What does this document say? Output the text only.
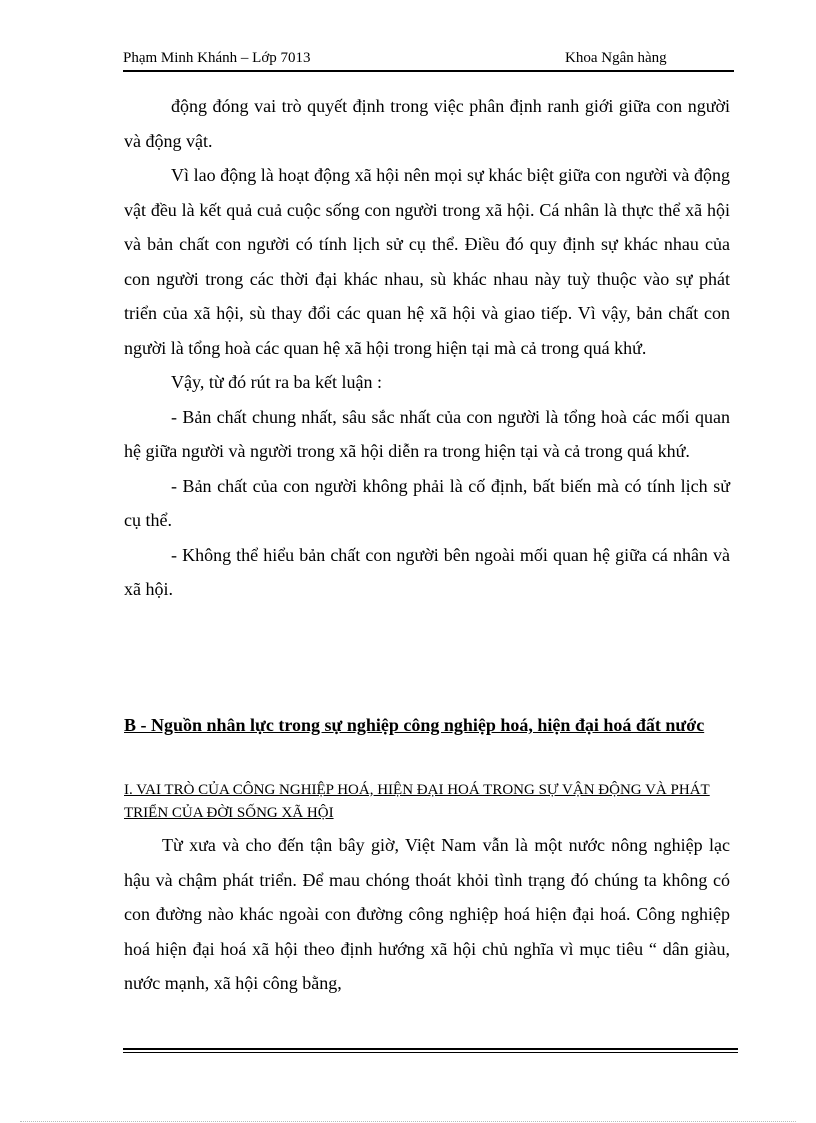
Phạm Minh Khánh – Lớp 7013	Khoa Ngân hàng

động đóng vai trò quyết định trong việc phân định ranh giới giữa con người và động vật.

Vì lao động là hoạt động xã hội nên mọi sự khác biệt giữa con người và động vật đều là kết quả cuả cuộc sống con người trong xã hội. Cá nhân là thực thể xã hội và bản chất con người có tính lịch sử cụ thể. Điều đó quy định sự khác nhau của con người trong các thời đại khác nhau, sù khác nhau này tuỳ thuộc vào sự phát triển của xã hội, sù thay đổi các quan hệ xã hội và giao tiếp. Vì vậy, bản chất con người là tổng hoà các quan hệ xã hội trong hiện tại mà cả trong quá khứ.

Vậy, từ đó rút ra ba kết luận :

- Bản chất chung nhất, sâu sắc nhất của con người là tổng hoà các mối quan hệ giữa người và người trong xã hội diễn ra trong hiện tại và cả trong quá khứ.

- Bản chất của con người không phải là cố định, bất biến mà có tính lịch sử cụ thể.

- Không thể hiểu bản chất con người bên ngoài mối quan hệ giữa cá nhân và xã hội.

B - Nguồn nhân lực trong sự nghiệp công nghiệp hoá, hiện đại hoá đất nước
I. VAI TRÒ CỦA CÔNG NGHIỆP HOÁ, HIỆN ĐẠI HOÁ TRONG SỰ VẬN ĐỘNG VÀ PHÁT TRIỂN CỦA ĐỜI SỐNG XÃ HỘI

Từ xưa và cho đến tận bây giờ, Việt Nam vẫn là một nước nông nghiệp lạc hậu và chậm phát triển. Để mau chóng thoát khỏi tình trạng đó chúng ta không có con đường nào khác ngoài con đường công nghiệp hoá hiện đại hoá. Công nghiệp hoá hiện đại hoá xã hội theo định hướng xã hội chủ nghĩa vì mục tiêu “ dân giàu, nước mạnh, xã hội công bằng,
